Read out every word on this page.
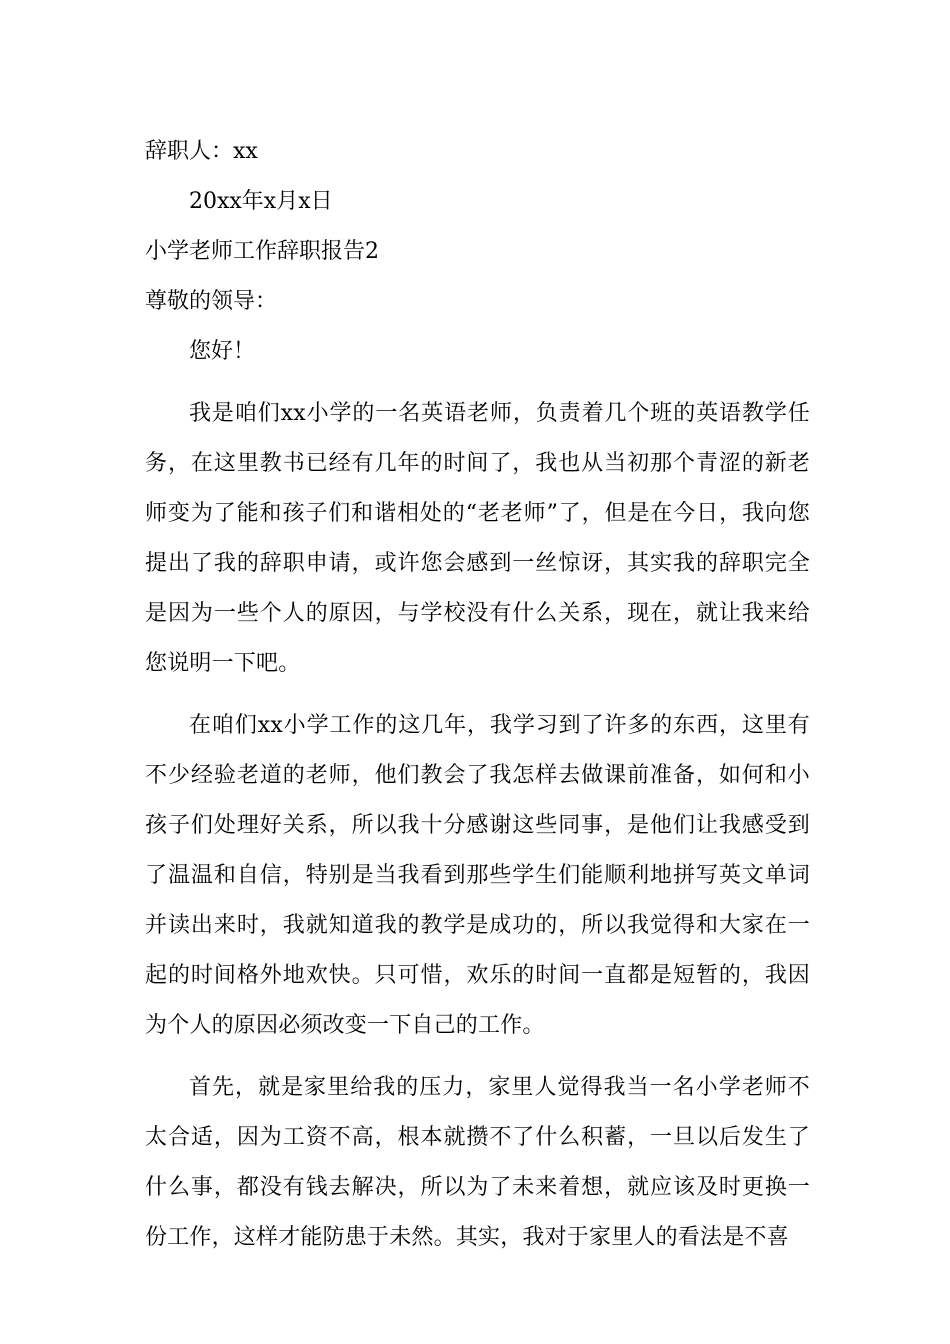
辞职人：xx
20xx年x月x日
小学老师工作辞职报告2
尊敬的领导：
您好！

我是咱们xx小学的一名英语老师，负责着几个班的英语教学任务，在这里教书已经有几年的时间了，我也从当初那个青涩的新老师变为了能和孩子们和谐相处的“老老师”了，但是在今日，我向您提出了我的辞职申请，或许您会感到一丝惊讶，其实我的辞职完全是因为一些个人的原因，与学校没有什么关系，现在，就让我来给您说明一下吧。

在咱们xx小学工作的这几年，我学习到了许多的东西，这里有不少经验老道的老师，他们教会了我怎样去做课前准备，如何和小孩子们处理好关系，所以我十分感谢这些同事，是他们让我感受到了温温和自信，特别是当我看到那些学生们能顺利地拼写英文单词并读出来时，我就知道我的教学是成功的，所以我觉得和大家在一起的时间格外地欢快。只可惜，欢乐的时间一直都是短暂的，我因为个人的原因必须改变一下自己的工作。

首先，就是家里给我的压力，家里人觉得我当一名小学老师不太合适，因为工资不高，根本就攒不了什么积蓄，一旦以后发生了什么事，都没有钱去解决，所以为了未来着想，就应该及时更换一份工作，这样才能防患于未然。其实，我对于家里人的看法是不喜
